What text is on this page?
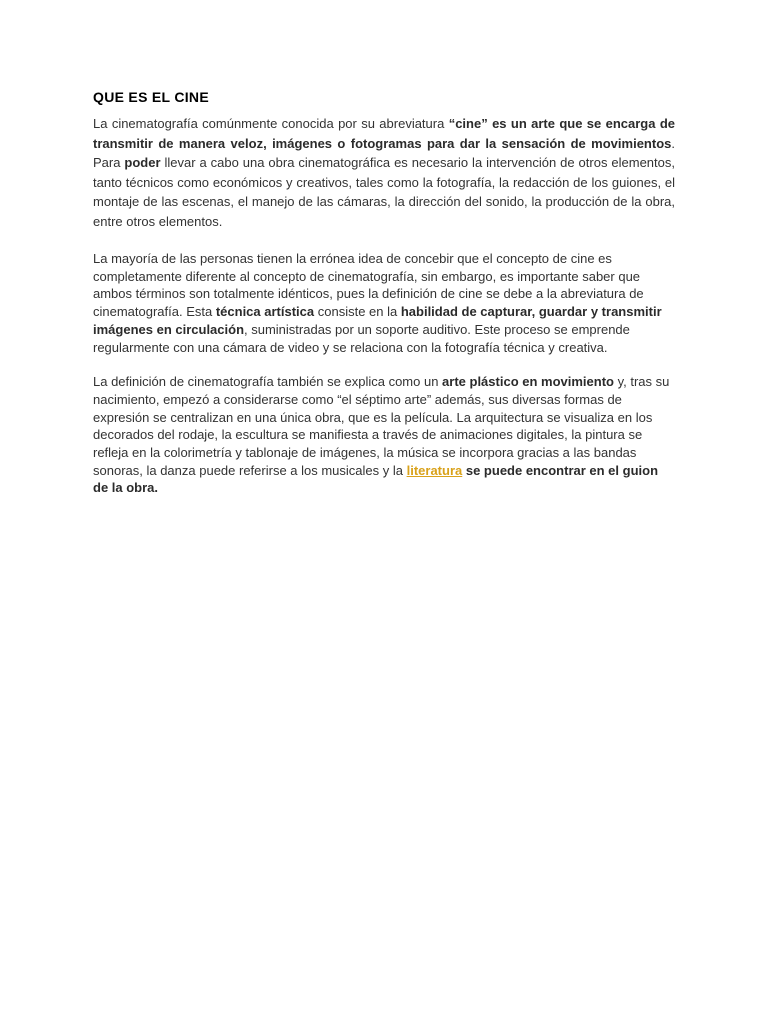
QUE ES EL CINE

La cinematografía comúnmente conocida por su abreviatura “cine” es un arte que se encarga de transmitir de manera veloz, imágenes o fotogramas para dar la sensación de movimientos. Para poder llevar a cabo una obra cinematográfica es necesario la intervención de otros elementos, tanto técnicos como económicos y creativos, tales como la fotografía, la redacción de los guiones, el montaje de las escenas, el manejo de las cámaras, la dirección del sonido, la producción de la obra, entre otros elementos.

La mayoría de las personas tienen la errónea idea de concebir que el concepto de cine es completamente diferente al concepto de cinematografía, sin embargo, es importante saber que ambos términos son totalmente idénticos, pues la definición de cine se debe a la abreviatura de cinematografía. Esta técnica artística consiste en la habilidad de capturar, guardar y transmitir imágenes en circulación, suministradas por un soporte auditivo. Este proceso se emprende regularmente con una cámara de video y se relaciona con la fotografía técnica y creativa.

La definición de cinematografía también se explica como un arte plástico en movimiento y, tras su nacimiento, empezó a considerarse como “el séptimo arte” además, sus diversas formas de expresión se centralizan en una única obra, que es la película. La arquitectura se visualiza en los decorados del rodaje, la escultura se manifiesta a través de animaciones digitales, la pintura se refleja en la colorimetría y tablonaje de imágenes, la música se incorpora gracias a las bandas sonoras, la danza puede referirse a los musicales y la literatura se puede encontrar en el guion de la obra.
